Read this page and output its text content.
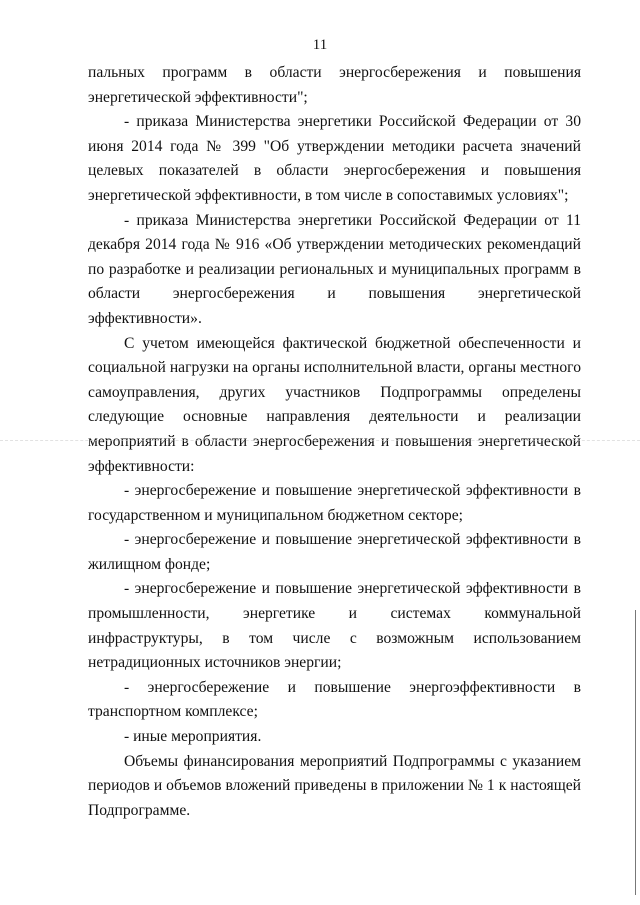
11

пальных программ в области энергосбережения и повышения энергетической эффективности";

- приказа Министерства энергетики Российской Федерации от 30 июня 2014 года № 399 "Об утверждении методики расчета значений целевых показателей в области энергосбережения и повышения энергетической эффективности, в том числе в сопоставимых условиях";

- приказа Министерства энергетики Российской Федерации от 11 декабря 2014 года № 916 «Об утверждении методических рекомендаций по разработке и реализации региональных и муниципальных программ в области энергосбережения и повышения энергетической эффективности».

С учетом имеющейся фактической бюджетной обеспеченности и социальной нагрузки на органы исполнительной власти, органы местного самоуправления, других участников Подпрограммы определены следующие основные направления деятельности и реализации мероприятий в области энергосбережения и повышения энергетической эффективности:

- энергосбережение и повышение энергетической эффективности в государственном и муниципальном бюджетном секторе;

- энергосбережение и повышение энергетической эффективности в жилищном фонде;

- энергосбережение и повышение энергетической эффективности в промышленности, энергетике и системах коммунальной инфраструктуры, в том числе с возможным использованием нетрадиционных источников энергии;

- энергосбережение и повышение энергоэффективности в транспортном комплексе;

- иные мероприятия.

Объемы финансирования мероприятий Подпрограммы с указанием периодов и объемов вложений приведены в приложении № 1 к настоящей Подпрограмме.
